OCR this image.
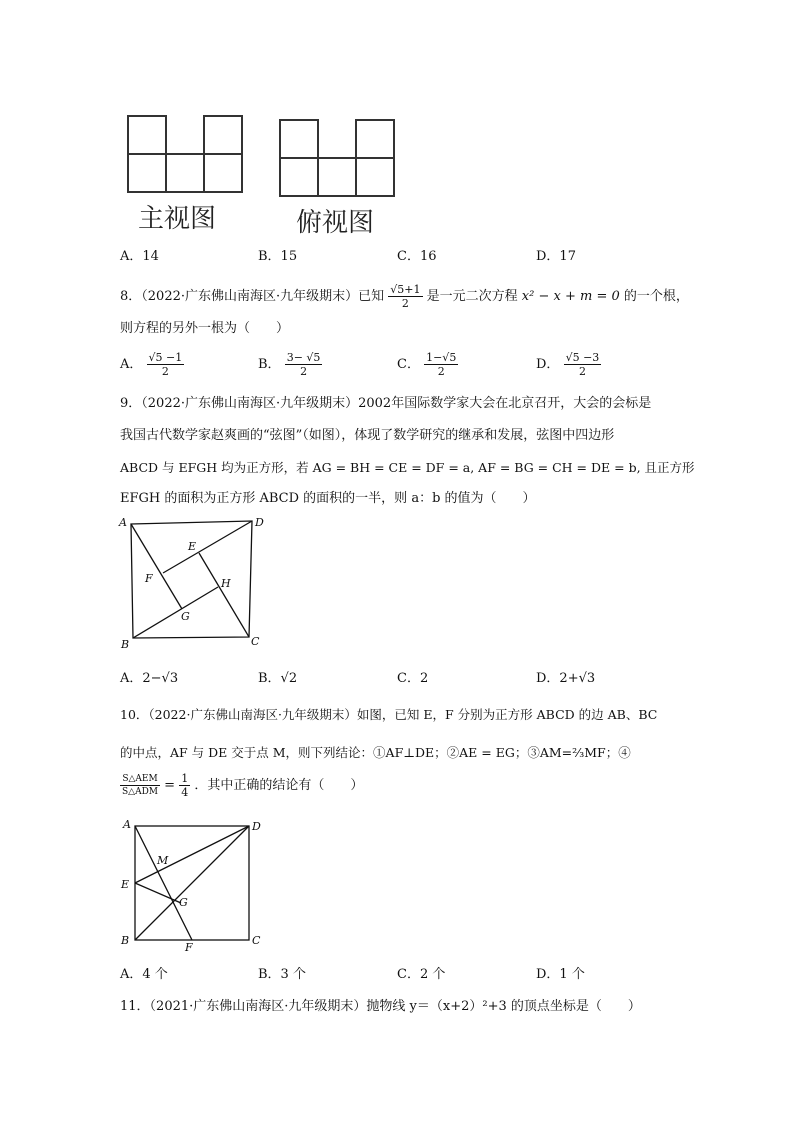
主视图	俯视图
A．14	B．15	C．16	D．17
8．（2022·广东佛山南海区·九年级期末）已知 $\frac{√5+1}{2}$ 是一元二次方程 x² − x + m = 0 的一个根，
则方程的另外一根为（　　）
A． $\frac{√5 -1}{2}$	B． $\frac{3- √5}{2}$	C． $\frac{1-√5}{2}$	D． $\frac{√5 -3}{2}$
9．（2022·广东佛山南海区·九年级期末）2002年国际数学家大会在北京召开，大会的会标是
我国古代数学家赵爽画的“弦图”（如图），体现了数学研究的继承和发展，弦图中四边形
ABCD 与 EFGH 均为正方形，若 AG = BH = CE = DF = a, AF = BG = CH = DE = b, 且正方形
EFGH 的面积为正方形 ABCD 的面积的一半，则 a：b 的值为（　　）
A	D
B	C
E
F
G
H
A．2−√3	B．√2	C．2	D．2+√3
10．（2022·广东佛山南海区·九年级期末）如图，已知 E，F 分别为正方形 ABCD 的边 AB、BC
的中点，AF 与 DE 交于点 M，则下列结论：①AF⊥DE；②AE = EG；③AM=⅔MF；④
$\frac{\text{S△AEM}}{\text{S△ADM}} = \frac{1}{4}$ ．其中正确的结论有（　　）
A	D
M
E
G
B
F
C
A．4 个	B．3 个	C．2 个	D．1 个
11．（2021·广东佛山南海区·九年级期末）抛物线 y＝（x+2）²+3 的顶点坐标是（　　）
